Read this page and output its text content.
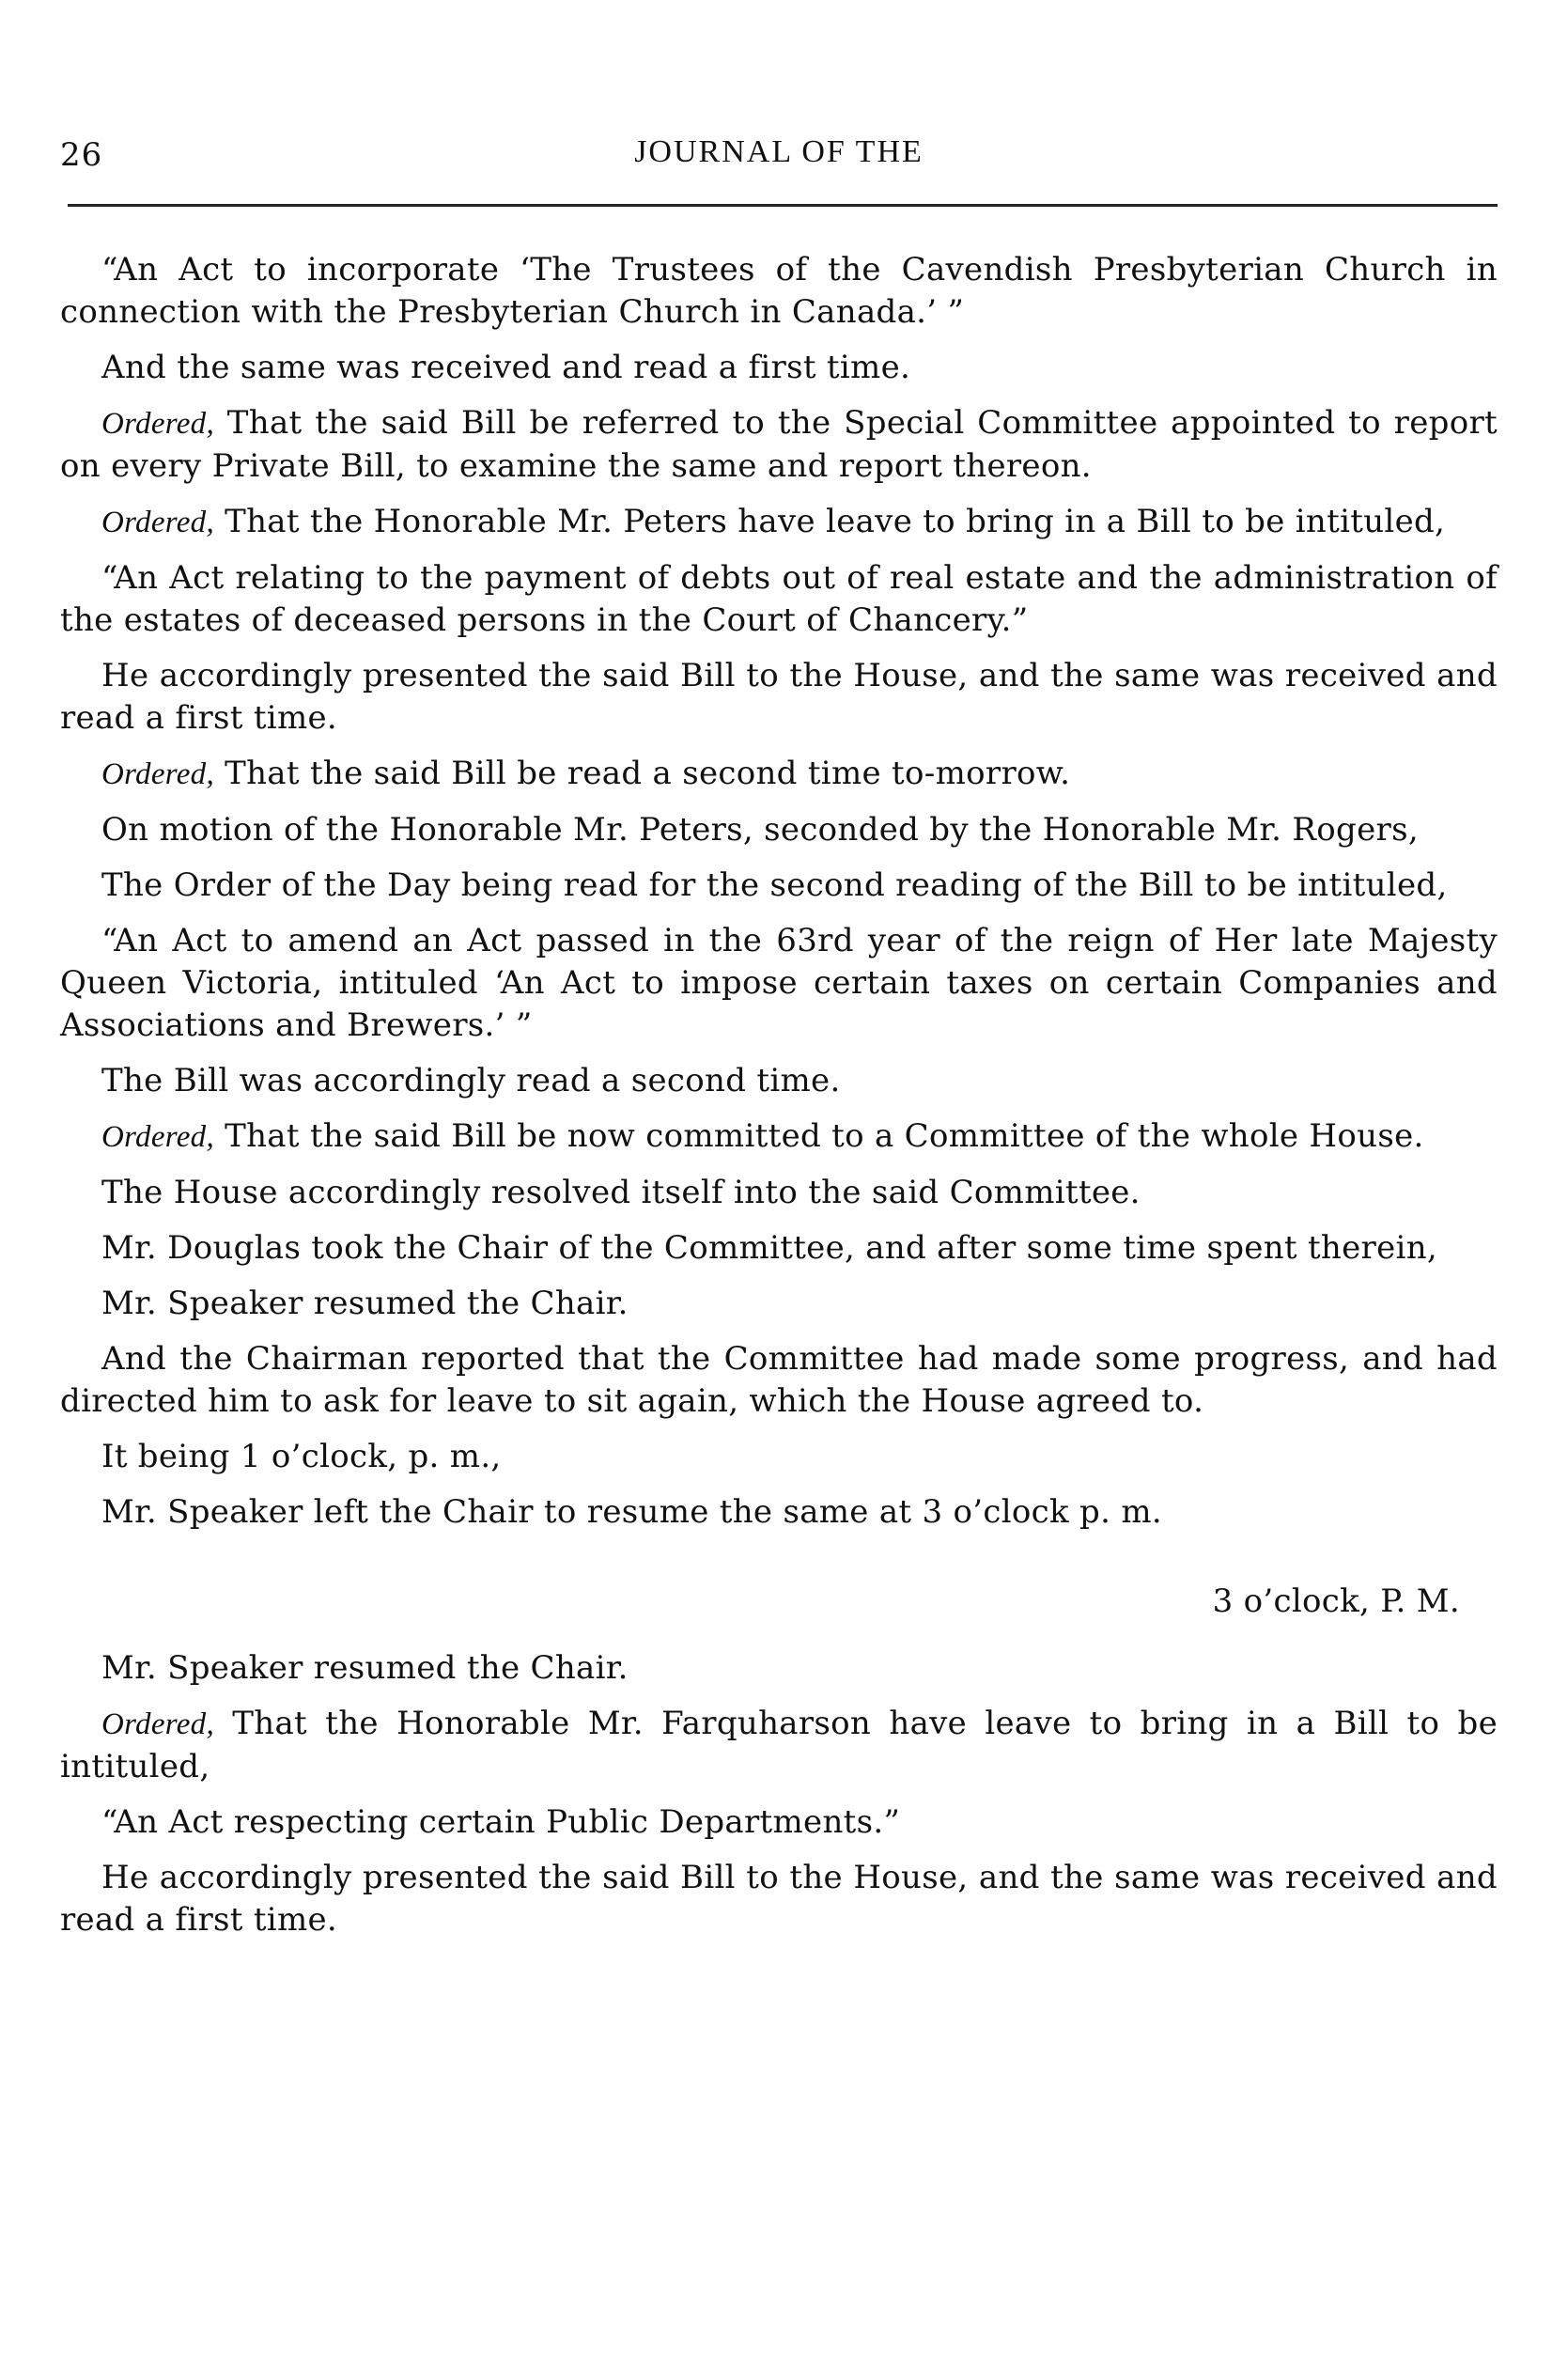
26	JOURNAL OF THE

“An Act to incorporate ‘The Trustees of the Cavendish Presbyterian Church in connection with the Presbyterian Church in Canada.’ ”

And the same was received and read a first time.

Ordered, That the said Bill be referred to the Special Committee appointed to report on every Private Bill, to examine the same and report thereon.

Ordered, That the Honorable Mr. Peters have leave to bring in a Bill to be intituled,

“An Act relating to the payment of debts out of real estate and the administration of the estates of deceased persons in the Court of Chancery.”

He accordingly presented the said Bill to the House, and the same was received and read a first time.

Ordered, That the said Bill be read a second time to-morrow.

On motion of the Honorable Mr. Peters, seconded by the Honorable Mr. Rogers,

The Order of the Day being read for the second reading of the Bill to be intituled,

“An Act to amend an Act passed in the 63rd year of the reign of Her late Majesty Queen Victoria, intituled ‘An Act to impose certain taxes on certain Companies and Associations and Brewers.’ ”

The Bill was accordingly read a second time.

Ordered, That the said Bill be now committed to a Committee of the whole House.

The House accordingly resolved itself into the said Committee.

Mr. Douglas took the Chair of the Committee, and after some time spent therein,

Mr. Speaker resumed the Chair.

And the Chairman reported that the Committee had made some progress, and had directed him to ask for leave to sit again, which the House agreed to.

It being 1 o’clock, p. m.,

Mr. Speaker left the Chair to resume the same at 3 o’clock p. m.

3 o’clock, P. M.

Mr. Speaker resumed the Chair.

Ordered, That the Honorable Mr. Farquharson have leave to bring in a Bill to be intituled,

“An Act respecting certain Public Departments.”

He accordingly presented the said Bill to the House, and the same was received and read a first time.
